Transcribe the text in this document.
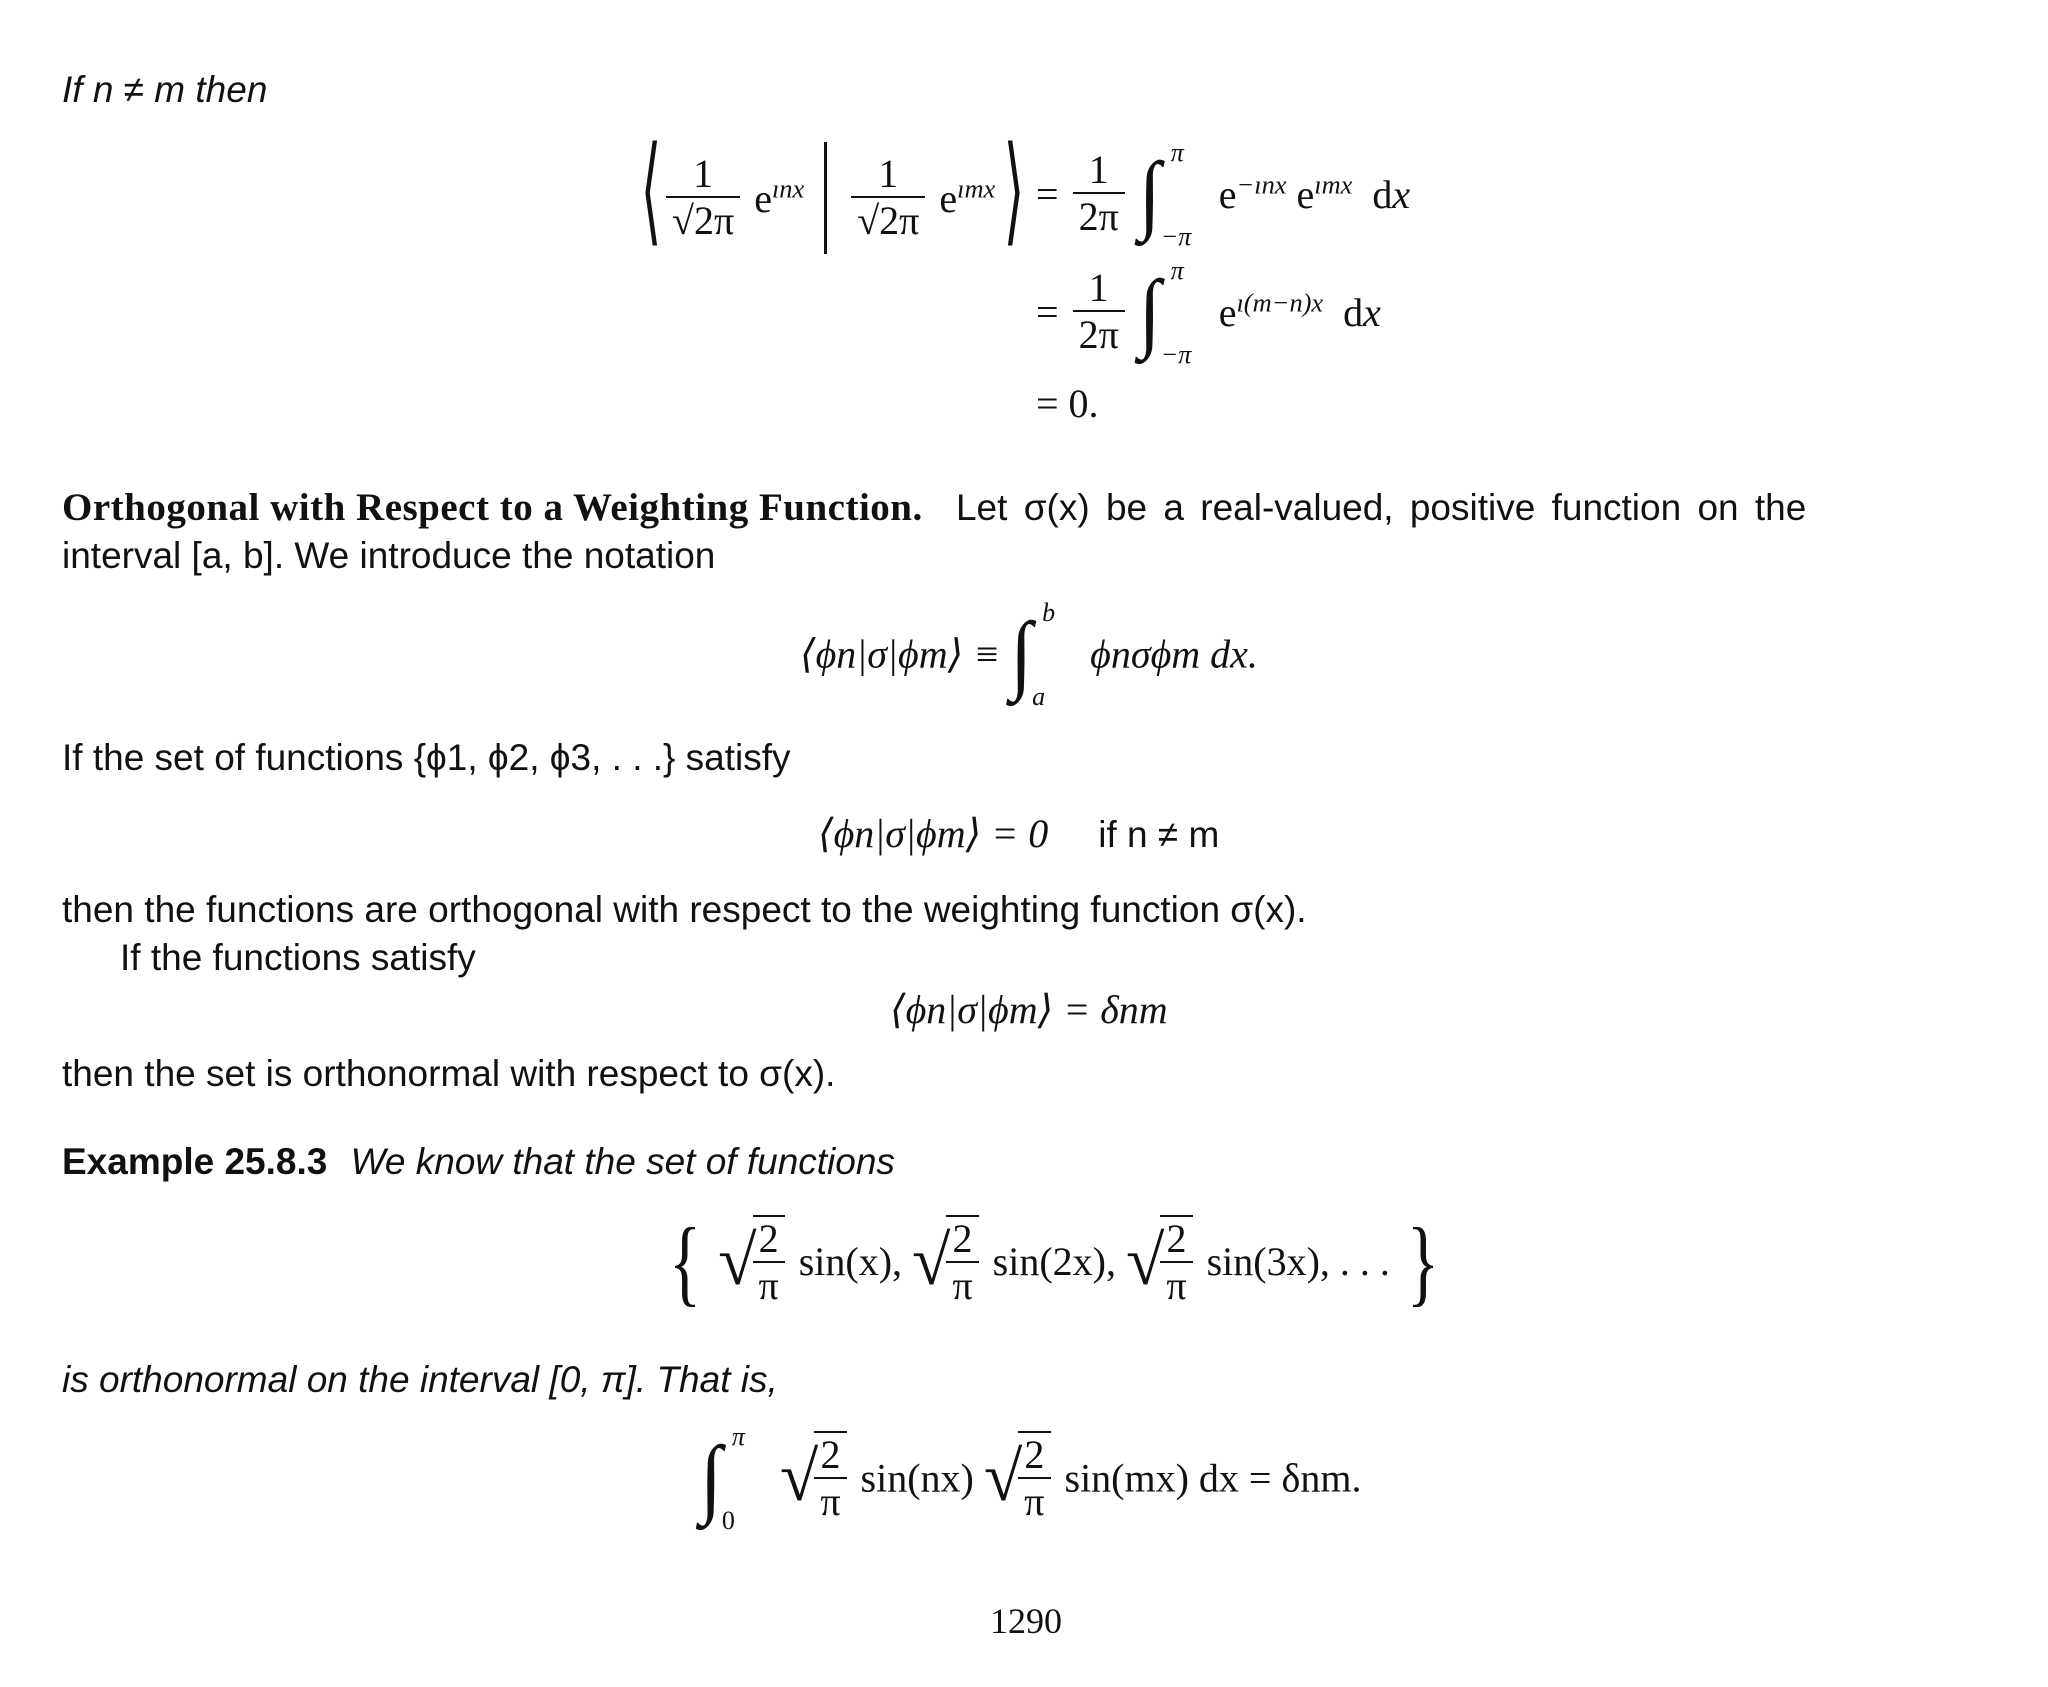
If n ≠ m then
⟨ $\frac{1}{√2\pi} e^{ınx} \frac{1}{√2\pi} e^{ımx}$ ⟩ = $\frac{1}{2\pi}$ ∫ π
−π
$e^{-ınx}$ $e^{ımx}$  dx
= $\frac{1}{2\pi}$ ∫ π
−π
$e^{ı(m-n)x}$  dx
= 0.
Orthogonal with Respect to a Weighting Function. Let σ(x) be a real-valued, positive function on the
interval [a, b]. We introduce the notation
⟨ϕn|σ|ϕm⟩ ≡ ∫ b
a
ϕnσϕm dx.
If the set of functions {ϕ1, ϕ2, ϕ3, . . .} satisfy
⟨ϕn|σ|ϕm⟩ = 0 if n ≠ m
then the functions are orthogonal with respect to the weighting function σ(x).
If the functions satisfy
⟨ϕn|σ|ϕm⟩ = δnm
then the set is orthonormal with respect to σ(x).
Example 25.8.3 We know that the set of functions
{ √
$\frac{2}{\pi} \sin(x)$, √
$\frac{2}{\pi} \sin(2x)$, √
$\frac{2}{\pi} \sin(3x)$, . . . }
is orthonormal on the interval [0, π]. That is,
∫ π
0
√
$\frac{2}{\pi} \sin(nx)$ √
$\frac{2}{\pi} \sin(mx)$ dx = δnm.
1290
